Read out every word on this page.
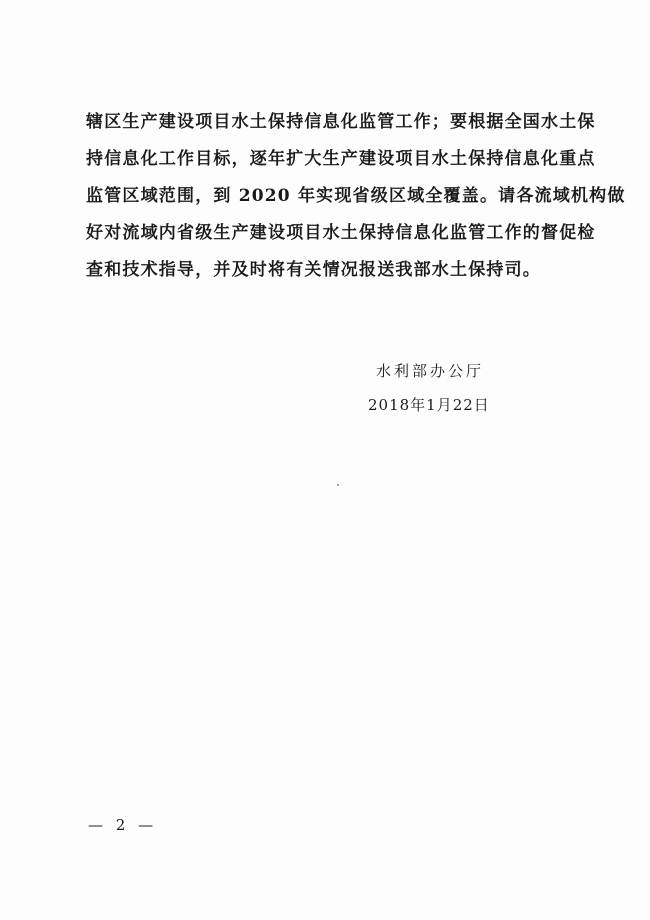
辖区生产建设项目水土保持信息化监管工作；要根据全国水土保
持信息化工作目标，逐年扩大生产建设项目水土保持信息化重点
监管区域范围，到 2020 年实现省级区域全覆盖。请各流域机构做
好对流域内省级生产建设项目水土保持信息化监管工作的督促检
查和技术指导，并及时将有关情况报送我部水土保持司。
水利部办公厅
2018年1月22日
— 2 —
